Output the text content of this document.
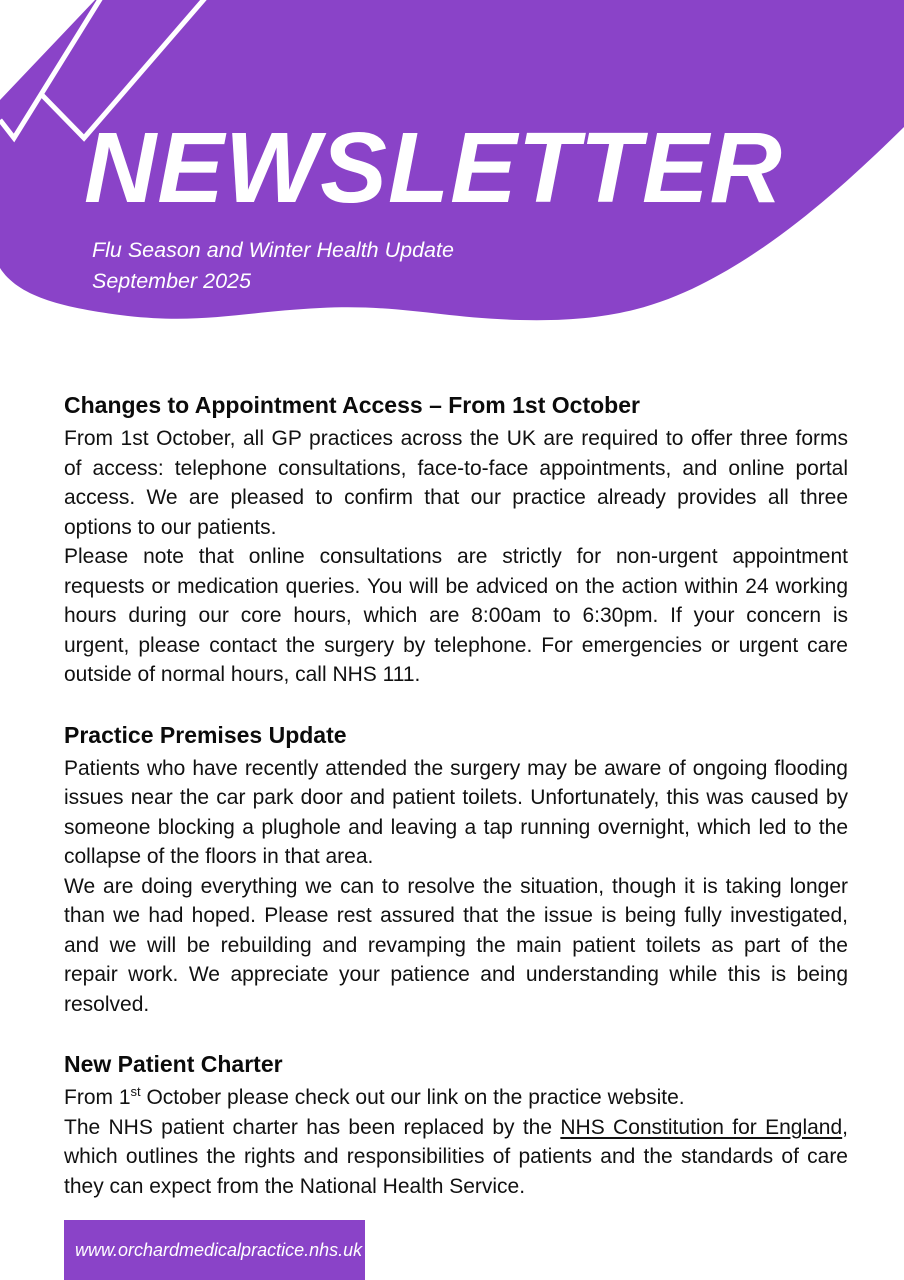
NEWSLETTER
Flu Season and Winter Health Update
September 2025
Changes to Appointment Access – From 1st October
From 1st October, all GP practices across the UK are required to offer three forms
of access: telephone consultations, face-to-face appointments, and online portal
access. We are pleased to confirm that our practice already provides all three
options to our patients.
Please note that online consultations are strictly for non-urgent appointment
requests or medication queries. You will be adviced on the action within 24 working
hours during our core hours, which are 8:00am to 6:30pm. If your concern is
urgent, please contact the surgery by telephone. For emergencies or urgent care
outside of normal hours, call NHS 111.
Practice Premises Update
Patients who have recently attended the surgery may be aware of ongoing flooding
issues near the car park door and patient toilets. Unfortunately, this was caused by
someone blocking a plughole and leaving a tap running overnight, which led to the
collapse of the floors in that area.
We are doing everything we can to resolve the situation, though it is taking longer
than we had hoped. Please rest assured that the issue is being fully investigated,
and we will be rebuilding and revamping the main patient toilets as part of the
repair work. We appreciate your patience and understanding while this is being
resolved.
New Patient Charter
From 1st October please check out our link on the practice website.
The NHS patient charter has been replaced by the NHS Constitution for England,
which outlines the rights and responsibilities of patients and the standards of care
they can expect from the National Health Service.
www.orchardmedicalpractice.nhs.uk
